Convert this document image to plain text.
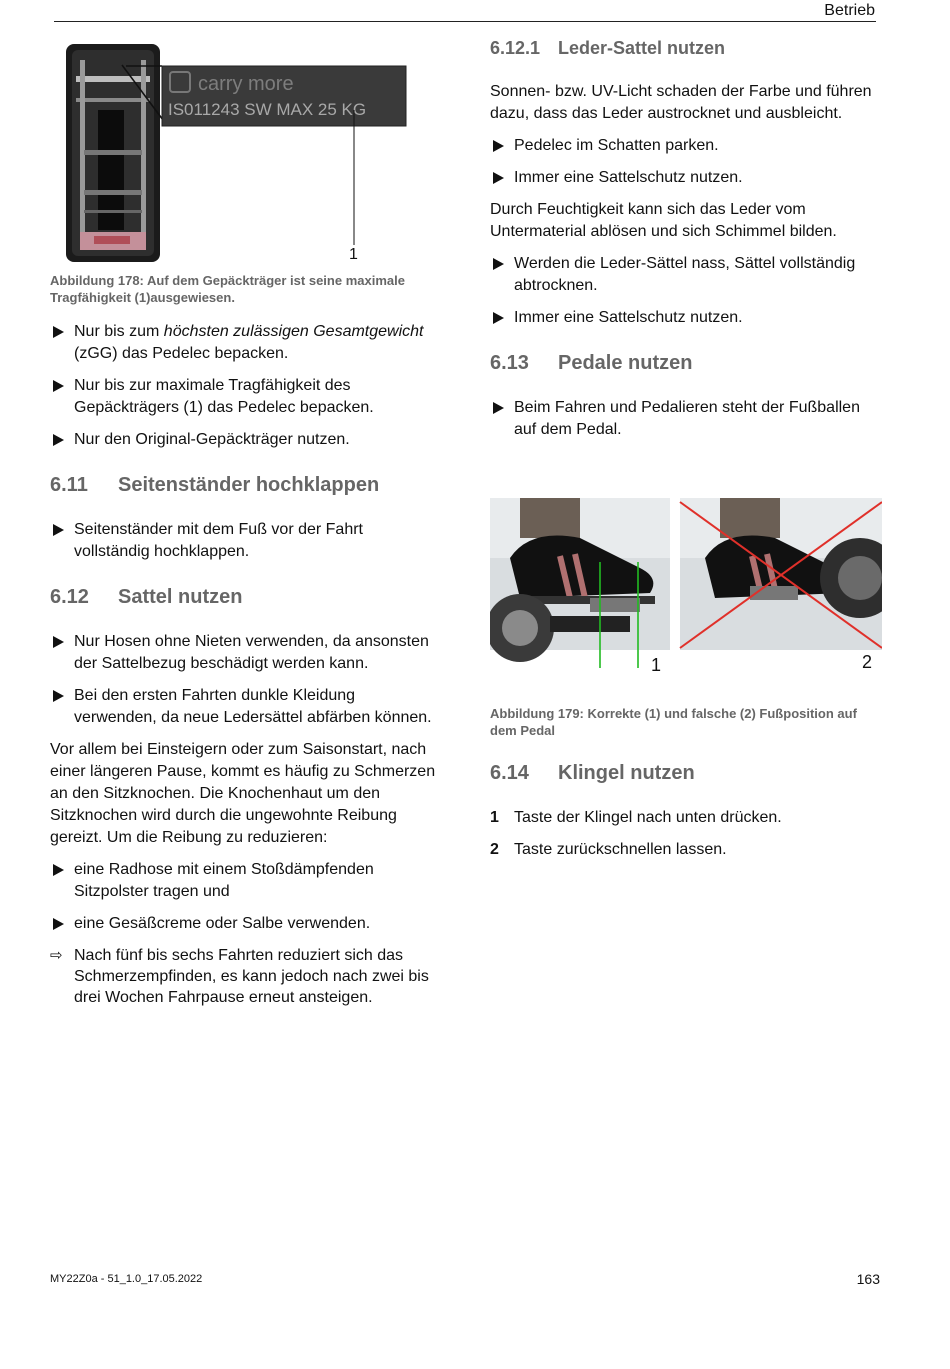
Betrieb
carry more
IS011243 SW MAX 25 KG
1
Abbildung 178: Auf dem Gepäckträger ist seine maximale Tragfähigkeit (1)ausgewiesen.

Nur bis zum höchsten zulässigen Gesamtgewicht (zGG) das Pedelec bepacken.

Nur bis zur maximale Tragfähigkeit des Gepäckträgers (1) das Pedelec bepacken.

Nur den Original-Gepäckträger nutzen.

6.11 Seitenständer hochklappen

Seitenständer mit dem Fuß vor der Fahrt vollständig hochklappen.

6.12 Sattel nutzen

Nur Hosen ohne Nieten verwenden, da ansonsten der Sattelbezug beschädigt werden kann.

Bei den ersten Fahrten dunkle Kleidung verwenden, da neue Ledersättel abfärben können.

Vor allem bei Einsteigern oder zum Saisonstart, nach einer längeren Pause, kommt es häufig zu Schmerzen an den Sitzknochen. Die Knochenhaut um den Sitzknochen wird durch die ungewohnte Reibung gereizt. Um die Reibung zu reduzieren:

eine Radhose mit einem Stoßdämpfenden Sitzpolster tragen und

eine Gesäßcreme oder Salbe verwenden.

⇨ Nach fünf bis sechs Fahrten reduziert sich das Schmerzempfinden, es kann jedoch nach zwei bis drei Wochen Fahrpause erneut ansteigen.

6.12.1 Leder-Sattel nutzen

Sonnen- bzw. UV-Licht schaden der Farbe und führen dazu, dass das Leder austrocknet und ausbleicht.

Pedelec im Schatten parken.

Immer eine Sattelschutz nutzen.

Durch Feuchtigkeit kann sich das Leder vom Untermaterial ablösen und sich Schimmel bilden.

Werden die Leder-Sättel nass, Sättel vollständig abtrocknen.

Immer eine Sattelschutz nutzen.

6.13 Pedale nutzen

Beim Fahren und Pedalieren steht der Fußballen auf dem Pedal.

1	2
Abbildung 179: Korrekte (1) und falsche (2) Fußposition auf dem Pedal
6.14 Klingel nutzen

1 Taste der Klingel nach unten drücken.

2 Taste zurückschnellen lassen.

MY22Z0a - 51_1.0_17.05.2022	163
